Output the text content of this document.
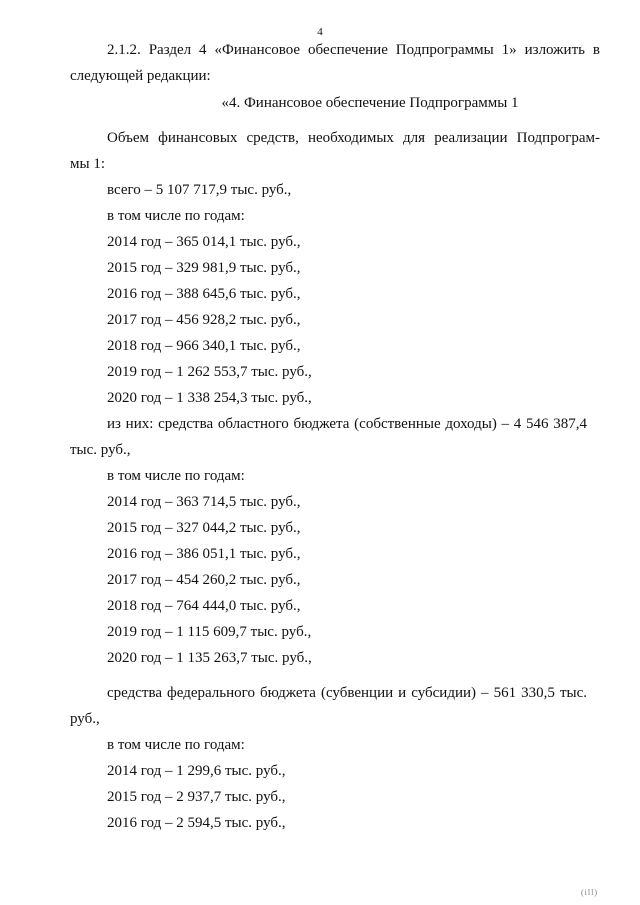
4
2.1.2. Раздел 4 «Финансовое обеспечение Подпрограммы 1» изложить в
следующей редакции:
«4. Финансовое обеспечение Подпрограммы 1
Объем финансовых средств, необходимых для реализации Подпрограм-
мы 1:
всего – 5 107 717,9 тыс. руб.,
в том числе по годам:
2014 год – 365 014,1 тыс. руб.,
2015 год – 329 981,9 тыс. руб.,
2016 год – 388 645,6 тыс. руб.,
2017 год – 456 928,2 тыс. руб.,
2018 год – 966 340,1 тыс. руб.,
2019 год – 1 262 553,7 тыс. руб.,
2020 год – 1 338 254,3 тыс. руб.,
из них: средства областного бюджета (собственные доходы) – 4 546 387,4
тыс. руб.,
в том числе по годам:
2014 год – 363 714,5 тыс. руб.,
2015 год – 327 044,2 тыс. руб.,
2016 год – 386 051,1 тыс. руб.,
2017 год – 454 260,2 тыс. руб.,
2018 год – 764 444,0 тыс. руб.,
2019 год – 1 115 609,7 тыс. руб.,
2020 год – 1 135 263,7 тыс. руб.,
средства федерального бюджета (субвенции и субсидии) – 561 330,5 тыс.
руб.,
в том числе по годам:
2014 год – 1 299,6 тыс. руб.,
2015 год – 2 937,7 тыс. руб.,
2016 год – 2 594,5 тыс. руб.,
(ill)
